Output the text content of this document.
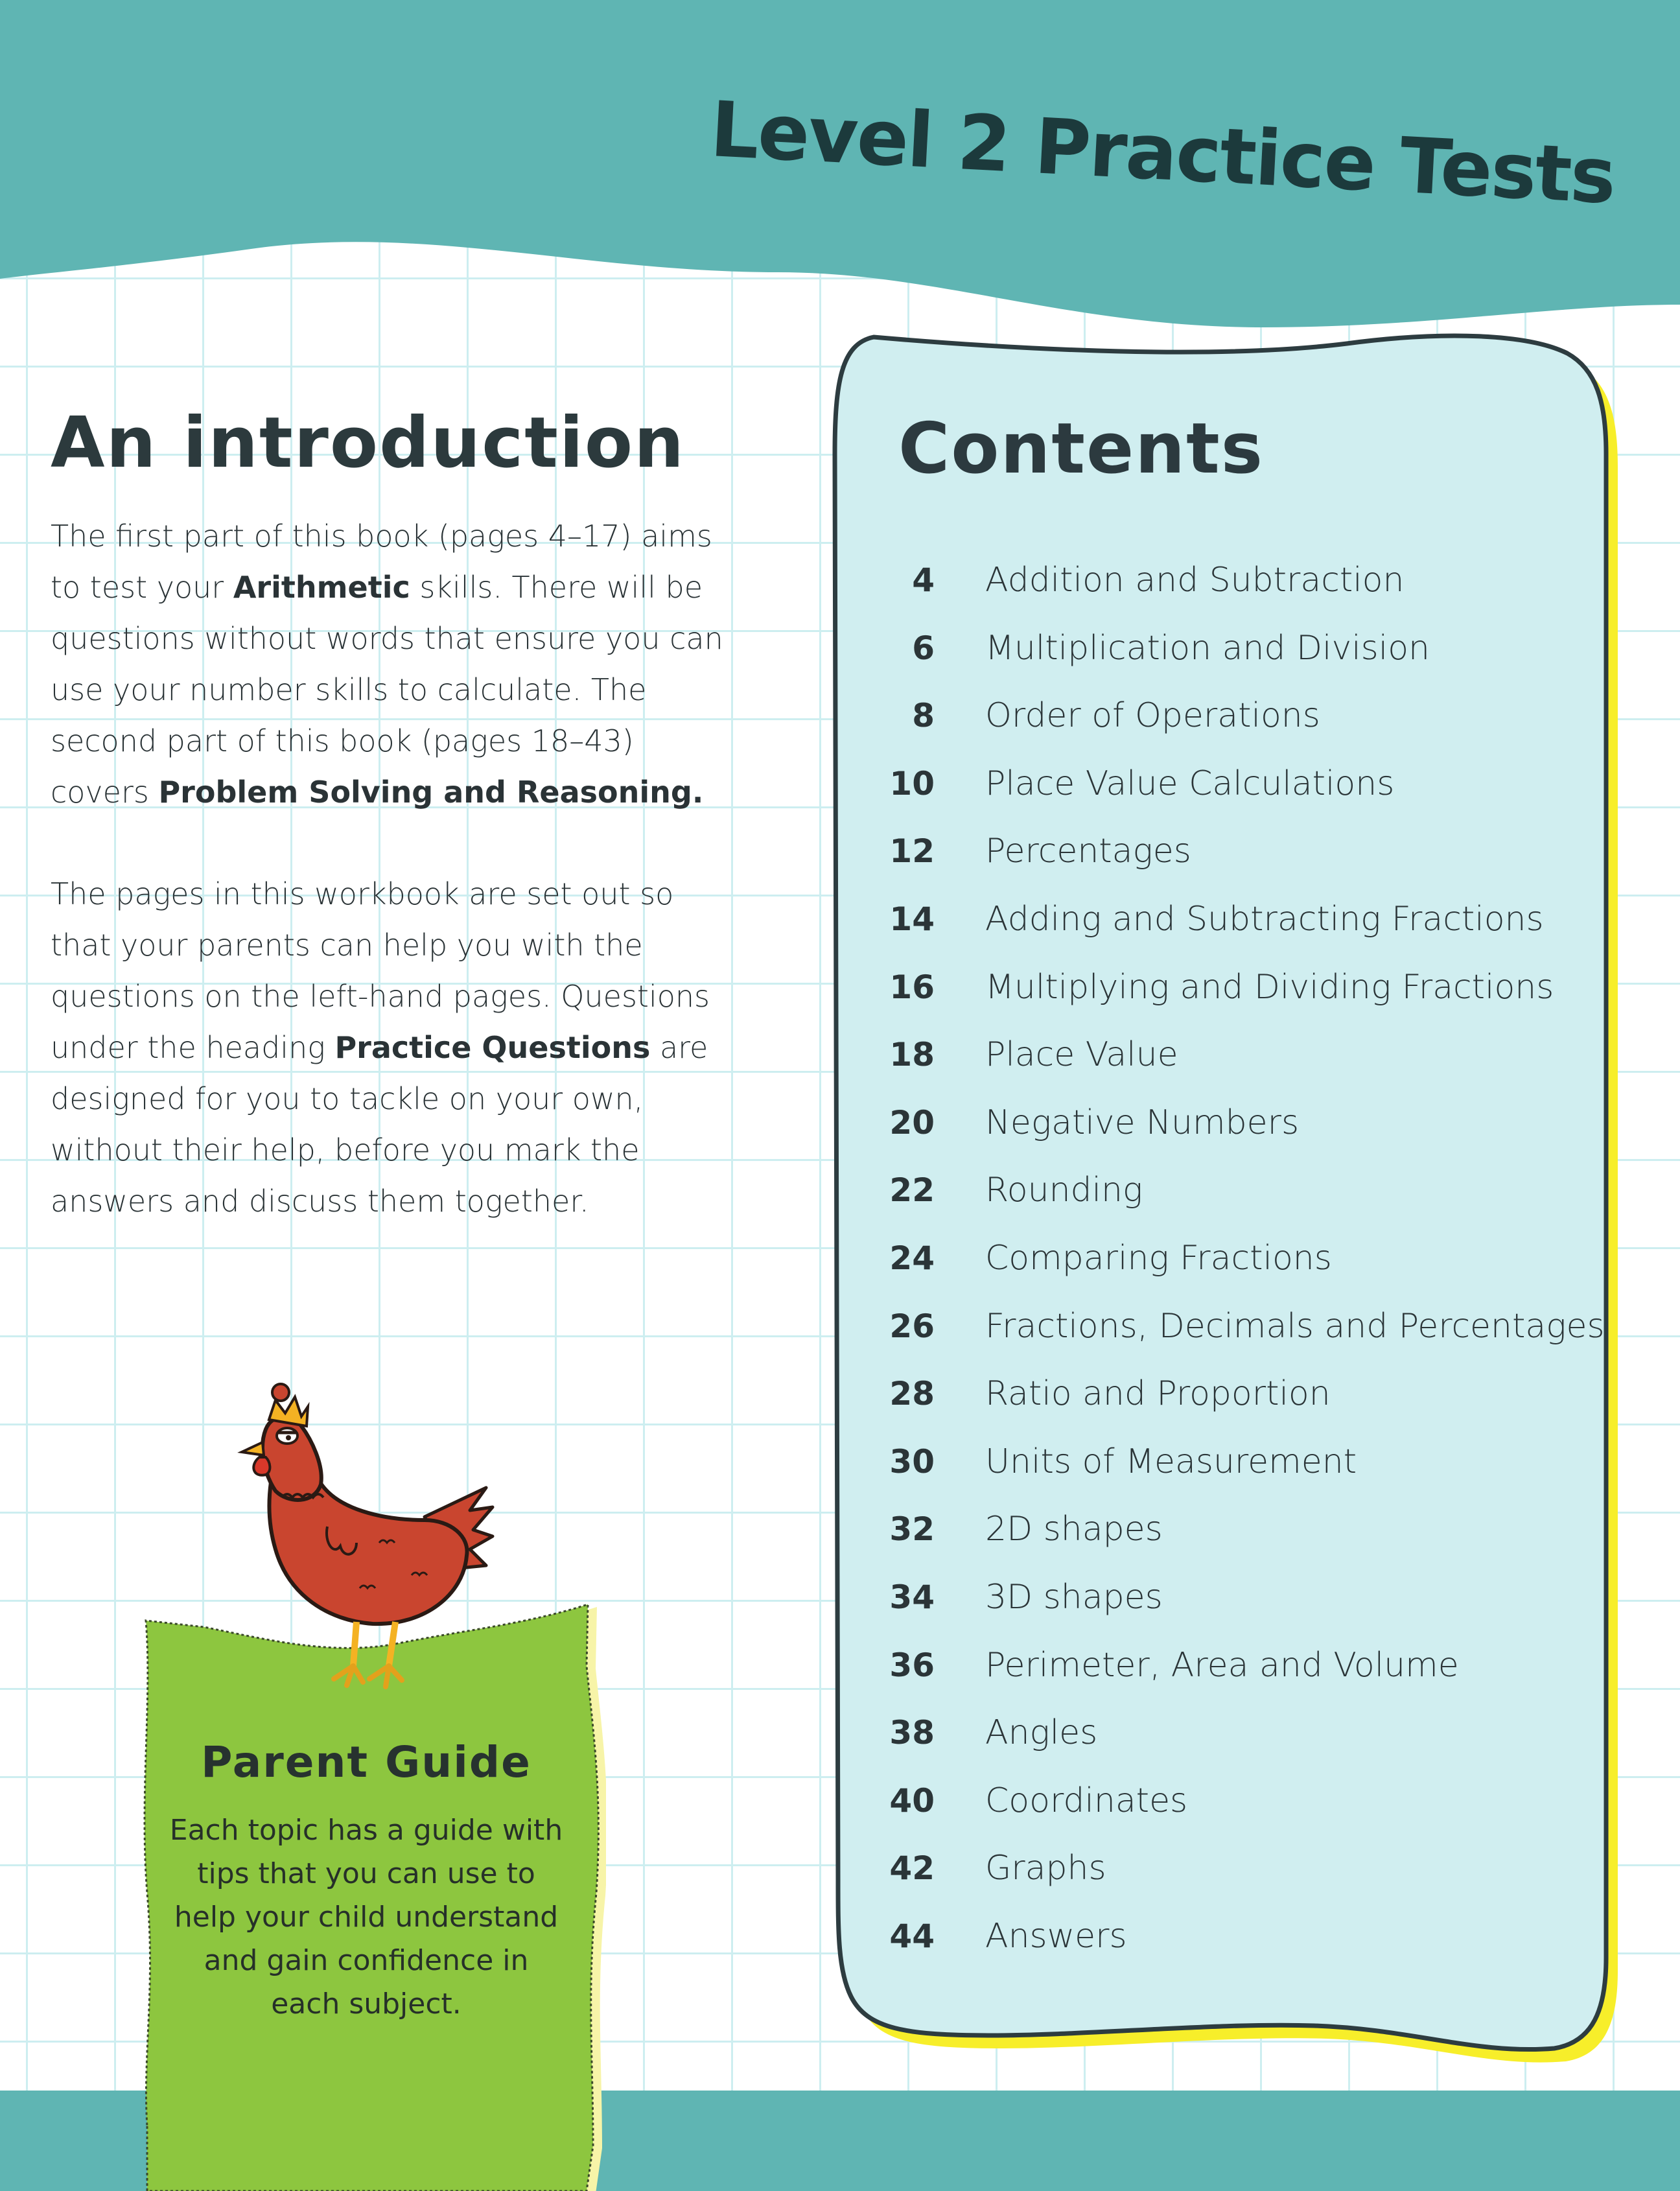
Level 2 Practice Tests
An introduction

The first part of this book (pages 4–17) aims to test your Arithmetic skills. There will be questions without words that ensure you can use your number skills to calculate. The second part of this book (pages 18–43) covers Problem Solving and Reasoning.

The pages in this workbook are set out so that your parents can help you with the questions on the left-hand pages. Questions under the heading Practice Questions are designed for you to tackle on your own, without their help, before you mark the answers and discuss them together.

Parent Guide
Each topic has a guide with tips that you can use to help your child understand and gain confidence in each subject.
Contents
4 Addition and Subtraction
6 Multiplication and Division
8 Order of Operations
10 Place Value Calculations
12 Percentages
14 Adding and Subtracting Fractions
16 Multiplying and Dividing Fractions
18 Place Value
20 Negative Numbers
22 Rounding
24 Comparing Fractions
26 Fractions, Decimals and Percentages
28 Ratio and Proportion
30 Units of Measurement
32 2D shapes
34 3D shapes
36 Perimeter, Area and Volume
38 Angles
40 Coordinates
42 Graphs
44 Answers
